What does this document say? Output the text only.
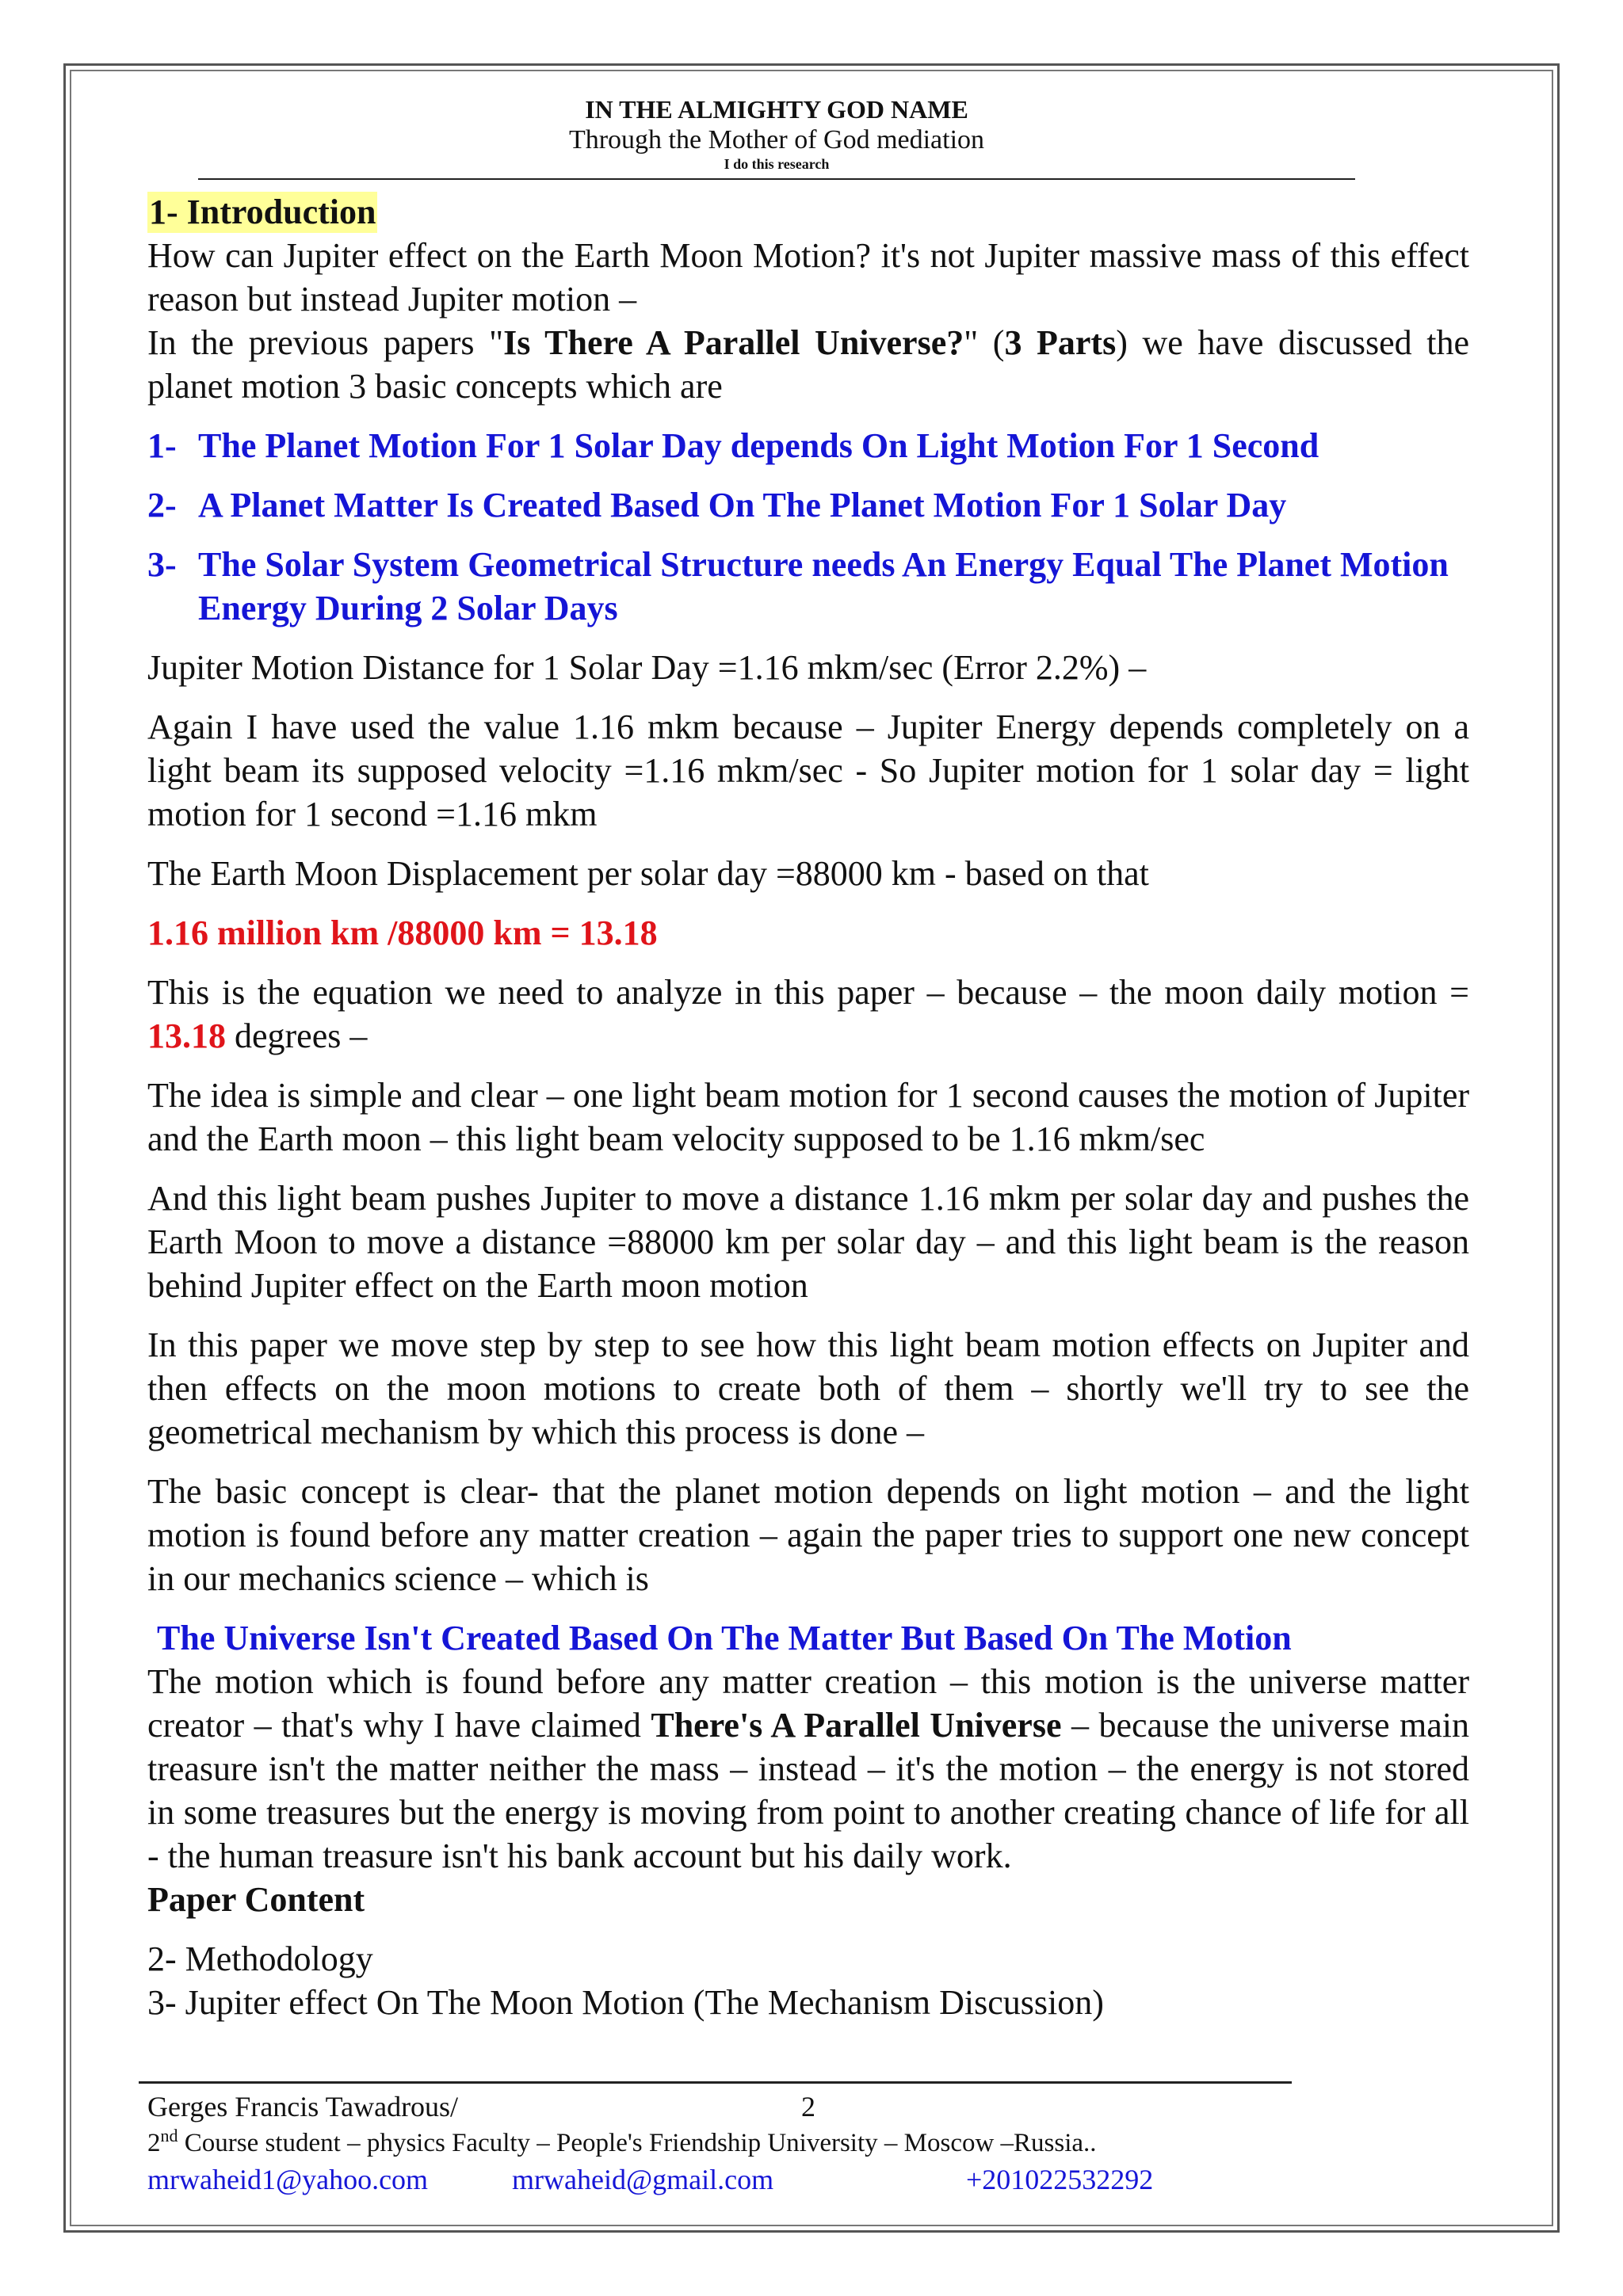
IN THE ALMIGHTY GOD NAME
Through the Mother of God mediation
I do this research
1- Introduction

How can Jupiter effect on the Earth Moon Motion? it's not Jupiter massive mass of this effect reason but instead Jupiter motion –

In the previous papers "Is There A Parallel Universe?" (3 Parts) we have discussed the planet motion 3 basic concepts which are

1- The Planet Motion For 1 Solar Day depends On Light Motion For 1 Second
2- A Planet Matter Is Created Based On The Planet Motion For 1 Solar Day
3- The Solar System Geometrical Structure needs An Energy Equal The Planet Motion Energy During 2 Solar Days

Jupiter Motion Distance for 1 Solar Day =1.16 mkm/sec (Error 2.2%) –

Again I have used the value 1.16 mkm because – Jupiter Energy depends completely on a light beam its supposed velocity =1.16 mkm/sec - So Jupiter motion for 1 solar day = light motion for 1 second =1.16 mkm

The Earth Moon Displacement per solar day =88000 km - based on that

1.16 million km /88000 km = 13.18

This is the equation we need to analyze in this paper – because – the moon daily motion = 13.18 degrees –

The idea is simple and clear – one light beam motion for 1 second causes the motion of Jupiter and the Earth moon – this light beam velocity supposed to be 1.16 mkm/sec

And this light beam pushes Jupiter to move a distance 1.16 mkm per solar day and pushes the Earth Moon to move a distance =88000 km per solar day – and this light beam is the reason behind Jupiter effect on the Earth moon motion

In this paper we move step by step to see how this light beam motion effects on Jupiter and then effects on the moon motions to create both of them – shortly we'll try to see the geometrical mechanism by which this process is done –

The basic concept is clear- that the planet motion depends on light motion – and the light motion is found before any matter creation – again the paper tries to support one new concept in our mechanics science – which is

The Universe Isn't Created Based On The Matter But Based On The Motion

The motion which is found before any matter creation – this motion is the universe matter creator – that's why I have claimed There's A Parallel Universe – because the universe main treasure isn't the matter neither the mass – instead – it's the motion – the energy is not stored in some treasures but the energy is moving from point to another creating chance of life for all - the human treasure isn't his bank account but his daily work.

Paper Content

2- Methodology
3- Jupiter effect On The Moon Motion (The Mechanism Discussion)
Gerges Francis Tawadrous/	2
2nd Course student – physics Faculty – People's Friendship University – Moscow –Russia..
mrwaheid1@yahoo.com	mrwaheid@gmail.com	+201022532292
